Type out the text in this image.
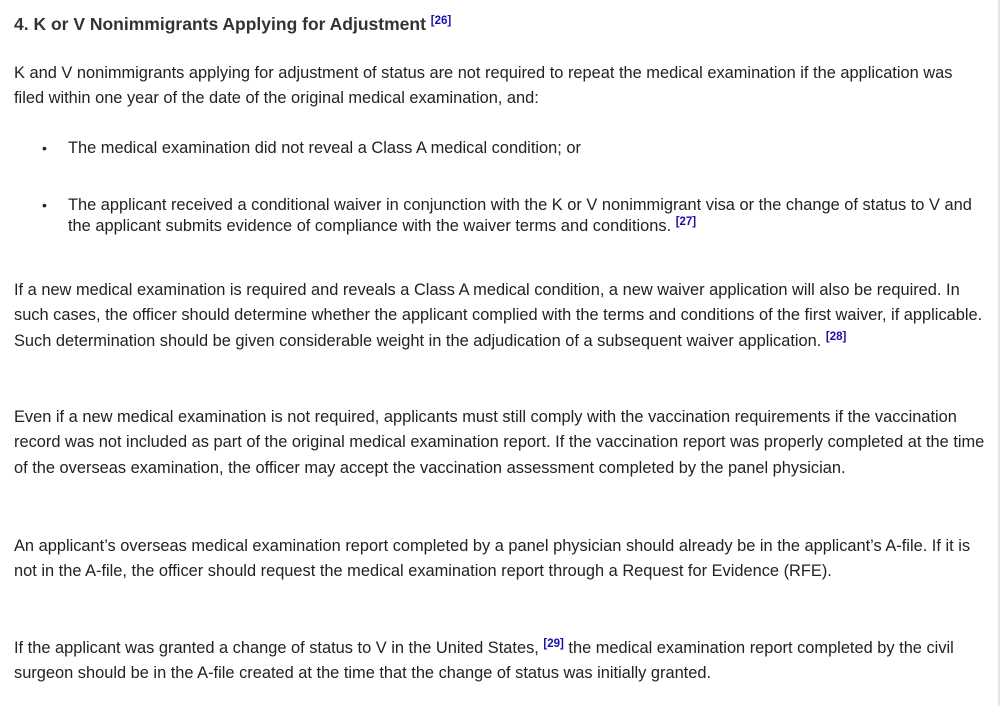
4. K or V Nonimmigrants Applying for Adjustment [26]

K and V nonimmigrants applying for adjustment of status are not required to repeat the medical examination if the application was filed within one year of the date of the original medical examination, and:

• The medical examination did not reveal a Class A medical condition; or
• The applicant received a conditional waiver in conjunction with the K or V nonimmigrant visa or the change of status to V and the applicant submits evidence of compliance with the waiver terms and conditions. [27]

If a new medical examination is required and reveals a Class A medical condition, a new waiver application will also be required. In such cases, the officer should determine whether the applicant complied with the terms and conditions of the first waiver, if applicable. Such determination should be given considerable weight in the adjudication of a subsequent waiver application. [28]

Even if a new medical examination is not required, applicants must still comply with the vaccination requirements if the vaccination record was not included as part of the original medical examination report. If the vaccination report was properly completed at the time of the overseas examination, the officer may accept the vaccination assessment completed by the panel physician.

An applicant’s overseas medical examination report completed by a panel physician should already be in the applicant’s A-file. If it is not in the A-file, the officer should request the medical examination report through a Request for Evidence (RFE).

If the applicant was granted a change of status to V in the United States, [29] the medical examination report completed by the civil surgeon should be in the A-file created at the time that the change of status was initially granted.
